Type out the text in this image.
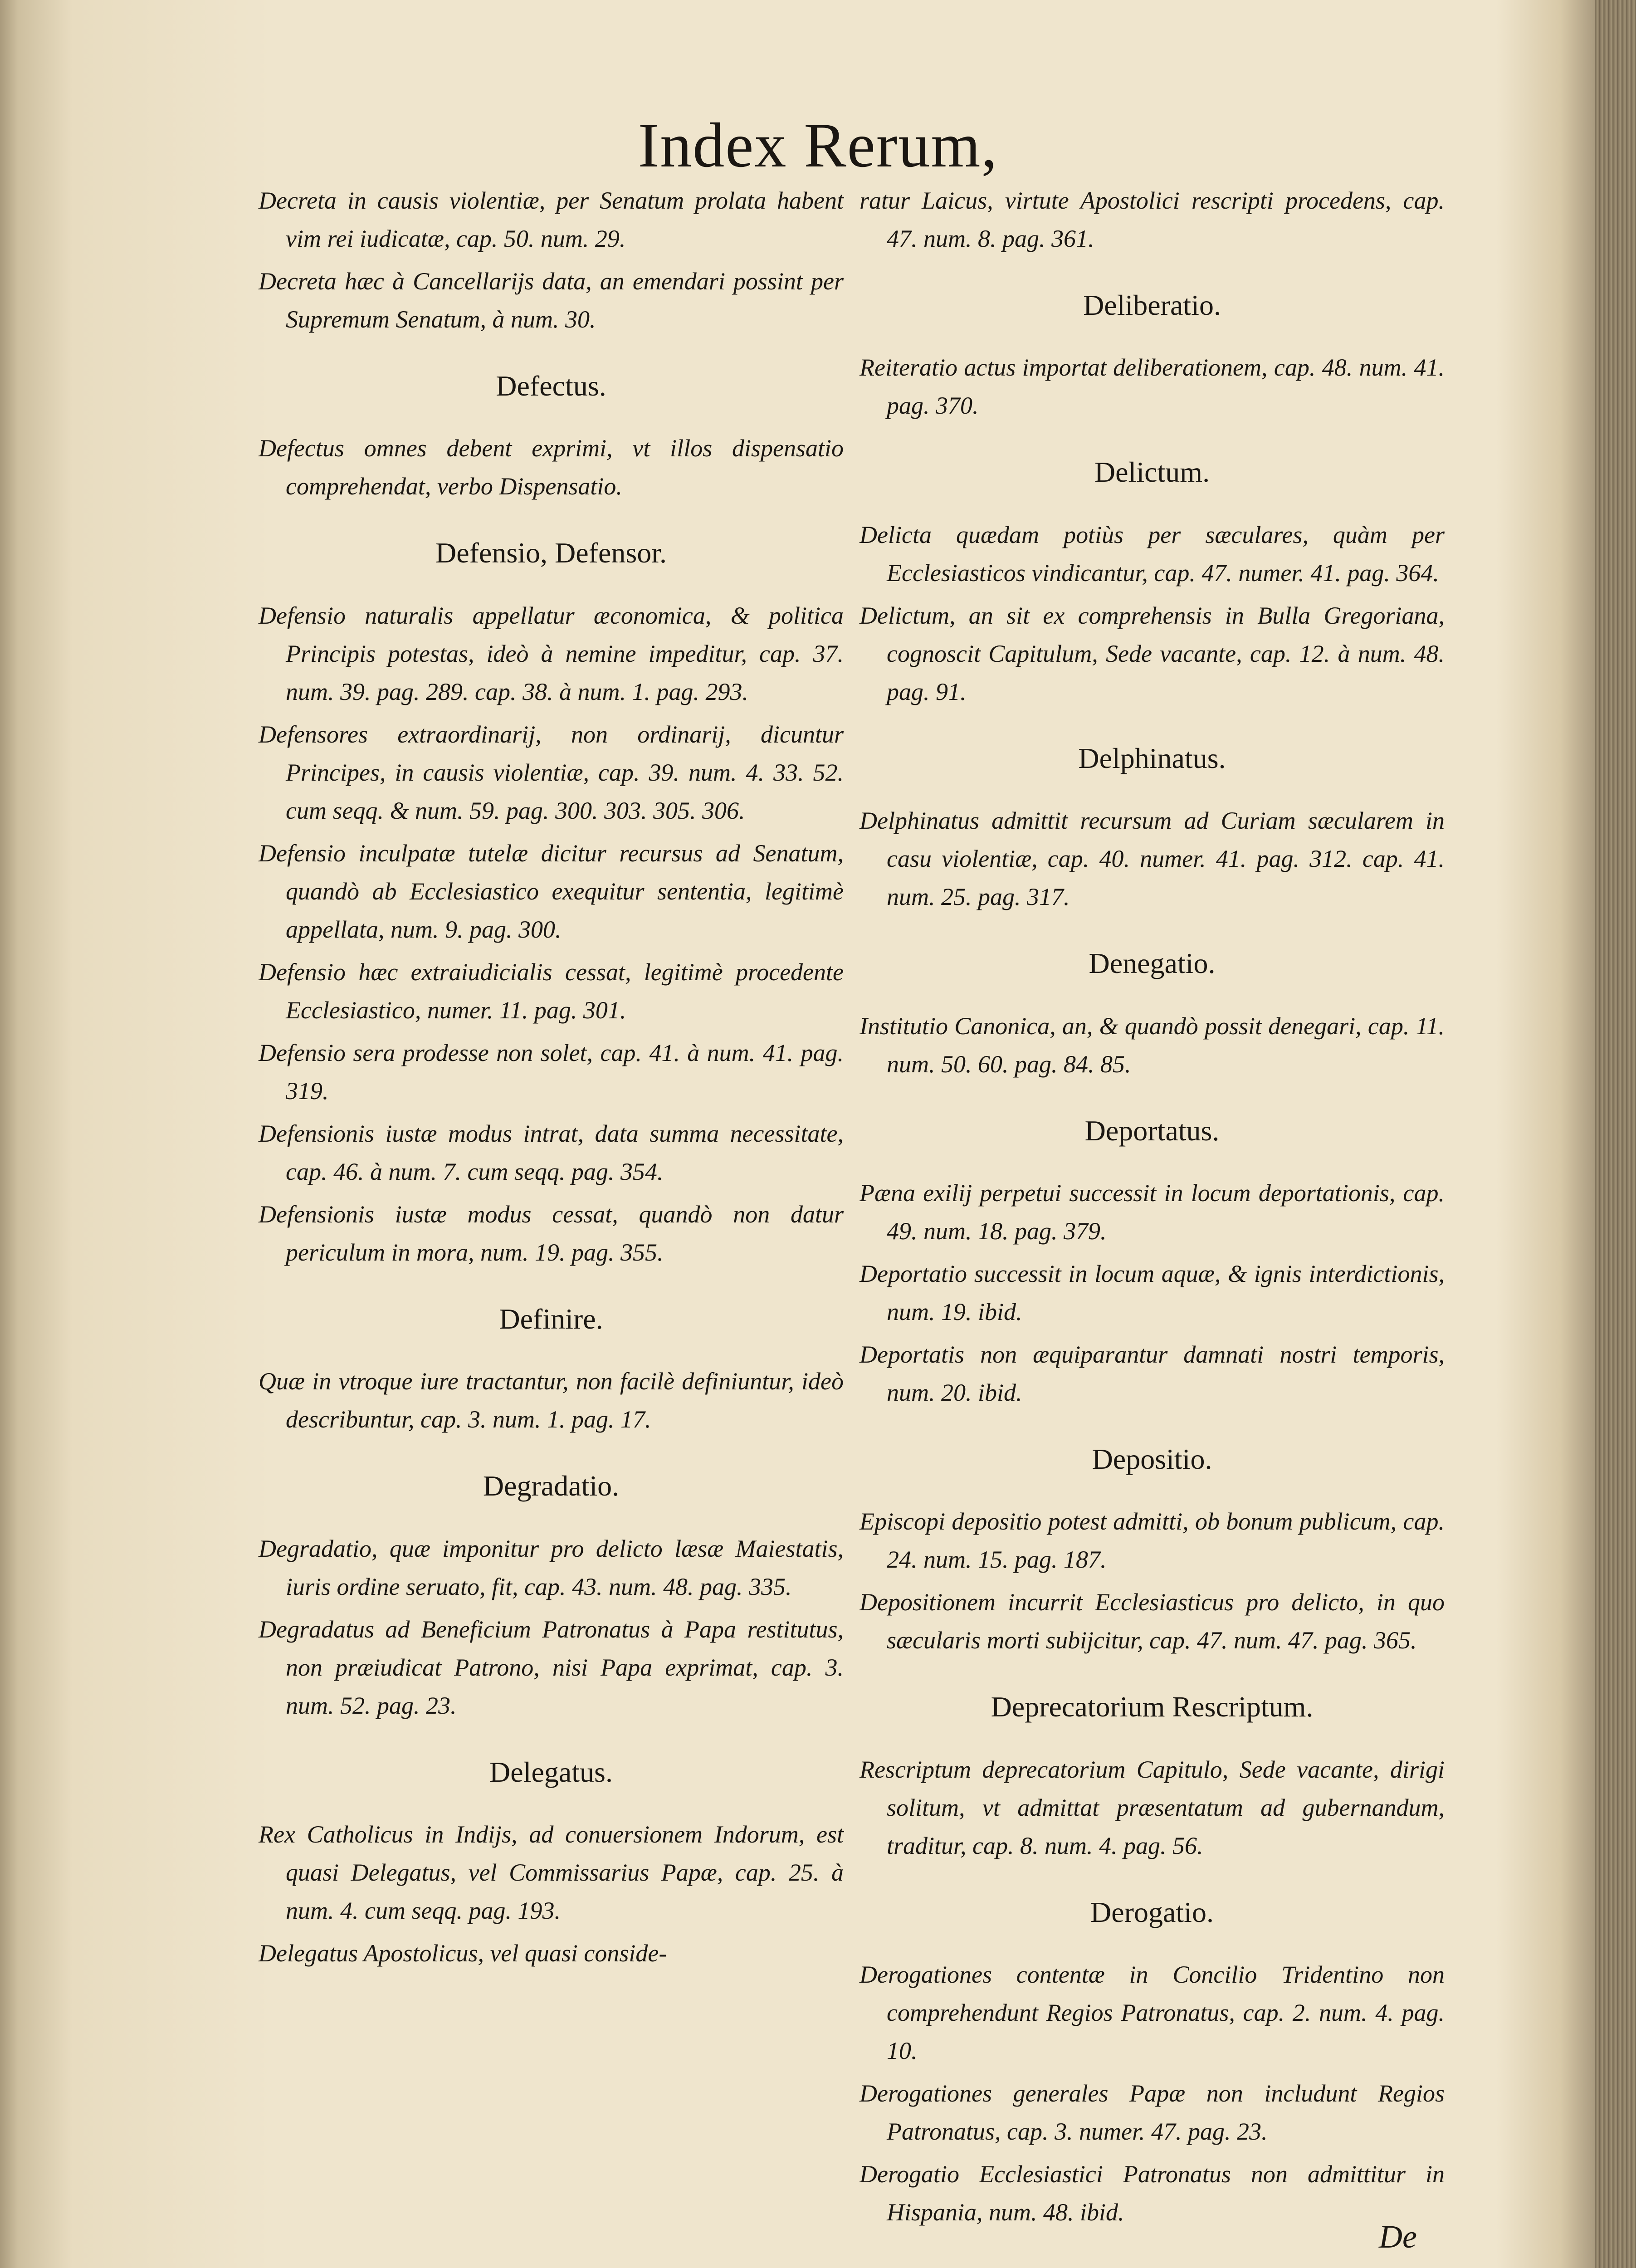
Index Rerum,
Decreta in causis violentiæ, per Senatum prolata habent vim rei iudicatæ, cap. 50. num. 29.
Decreta hæc à Cancellarijs data, an emendari possint per Supremum Senatum, à num. 30.
Defectus.
Defectus omnes debent exprimi, vt illos dispensatio comprehendat, verbo Dispensatio.
Defensio, Defensor.
Defensio naturalis appellatur æconomica, & politica Principis potestas, ideò à nemine impeditur, cap. 37. num. 39. pag. 289. cap. 38. à num. 1. pag. 293.
Defensores extraordinarij, non ordinarij, dicuntur Principes, in causis violentiæ, cap. 39. num. 4. 33. 52. cum seqq. & num. 59. pag. 300. 303. 305. 306.
Defensio inculpatæ tutelæ dicitur recursus ad Senatum, quandò ab Ecclesiastico exequitur sententia, legitimè appellata, num. 9. pag. 300.
Defensio hæc extraiudicialis cessat, legitimè procedente Ecclesiastico, numer. 11. pag. 301.
Defensio sera prodesse non solet, cap. 41. à num. 41. pag. 319.
Defensionis iustæ modus intrat, data summa necessitate, cap. 46. à num. 7. cum seqq. pag. 354.
Defensionis iustæ modus cessat, quandò non datur periculum in mora, num. 19. pag. 355.
Definire.
Quæ in vtroque iure tractantur, non facilè definiuntur, ideò describuntur, cap. 3. num. 1. pag. 17.
Degradatio.
Degradatio, quæ imponitur pro delicto læsæ Maiestatis, iuris ordine seruato, fit, cap. 43. num. 48. pag. 335.
Degradatus ad Beneficium Patronatus à Papa restitutus, non præiudicat Patrono, nisi Papa exprimat, cap. 3. num. 52. pag. 23.
Delegatus.
Rex Catholicus in Indijs, ad conuersionem Indorum, est quasi Delegatus, vel Commissarius Papæ, cap. 25. à num. 4. cum seqq. pag. 193.
Delegatus Apostolicus, vel quasi conside-
ratur Laicus, virtute Apostolici rescripti procedens, cap. 47. num. 8. pag. 361.
Deliberatio.
Reiteratio actus importat deliberationem, cap. 48. num. 41. pag. 370.
Delictum.
Delicta quædam potiùs per sæculares, quàm per Ecclesiasticos vindicantur, cap. 47. numer. 41. pag. 364.
Delictum, an sit ex comprehensis in Bulla Gregoriana, cognoscit Capitulum, Sede vacante, cap. 12. à num. 48. pag. 91.
Delphinatus.
Delphinatus admittit recursum ad Curiam sæcularem in casu violentiæ, cap. 40. numer. 41. pag. 312. cap. 41. num. 25. pag. 317.
Denegatio.
Institutio Canonica, an, & quandò possit denegari, cap. 11. num. 50. 60. pag. 84. 85.
Deportatus.
Pæna exilij perpetui successit in locum deportationis, cap. 49. num. 18. pag. 379.
Deportatio successit in locum aquæ, & ignis interdictionis, num. 19. ibid.
Deportatis non æquiparantur damnati nostri temporis, num. 20. ibid.
Depositio.
Episcopi depositio potest admitti, ob bonum publicum, cap. 24. num. 15. pag. 187.
Depositionem incurrit Ecclesiasticus pro delicto, in quo sæcularis morti subijcitur, cap. 47. num. 47. pag. 365.
Deprecatorium Rescriptum.
Rescriptum deprecatorium Capitulo, Sede vacante, dirigi solitum, vt admittat præsentatum ad gubernandum, traditur, cap. 8. num. 4. pag. 56.
Derogatio.
Derogationes contentæ in Concilio Tridentino non comprehendunt Regios Patronatus, cap. 2. num. 4. pag. 10.
Derogationes generales Papæ non includunt Regios Patronatus, cap. 3. numer. 47. pag. 23.
Derogatio Ecclesiastici Patronatus non admittitur in Hispania, num. 48. ibid.
De
